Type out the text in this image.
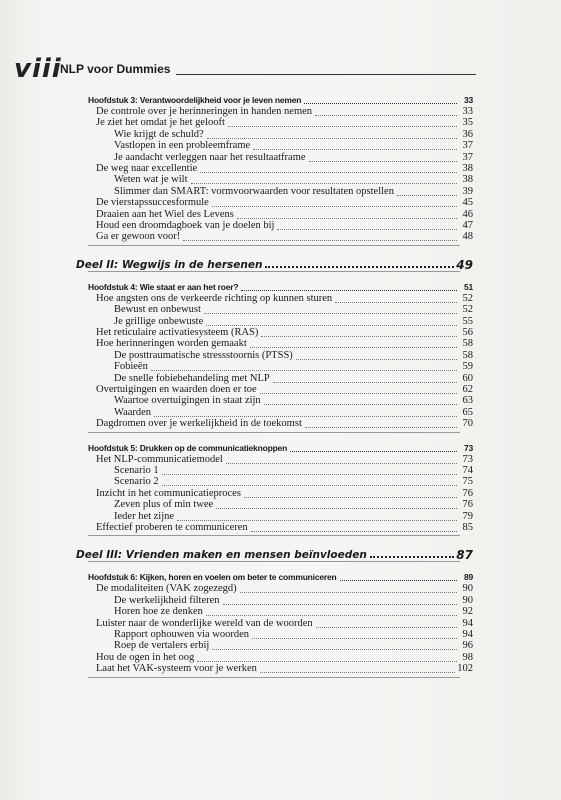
viii
NLP voor Dummies
Hoofdstuk 3: Verantwoordelijkheid voor je leven nemen	33
De controle over je herinneringen in handen nemen	33
Je ziet het omdat je het gelooft	35
Wie krijgt de schuld?	36
Vastlopen in een probleemframe	37
Je aandacht verleggen naar het resultaatframe	37
De weg naar excellentie	38
Weten wat je wilt	38
Slimmer dan SMART: vormvoorwaarden voor resultaten opstellen	39
De vierstapssuccesformule	45
Draaien aan het Wiel des Levens	46
Houd een droomdagboek van je doelen bij	47
Ga er gewoon voor!	48
Deel II: Wegwijs in de hersenen	49
Hoofdstuk 4: Wie staat er aan het roer?	51
Hoe angsten ons de verkeerde richting op kunnen sturen	52
Bewust en onbewust	52
Je grillige onbewuste	55
Het reticulaire activatiesysteem (RAS)	56
Hoe herinneringen worden gemaakt	58
De posttraumatische stressstoornis (PTSS)	58
Fobieën	59
De snelle fobiebehandeling met NLP	60
Overtuigingen en waarden doen er toe	62
Waartoe overtuigingen in staat zijn	63
Waarden	65
Dagdromen over je werkelijkheid in de toekomst	70
Hoofdstuk 5: Drukken op de communicatieknoppen	73
Het NLP-communicatiemodel	73
Scenario 1	74
Scenario 2	75
Inzicht in het communicatieproces	76
Zeven plus of min twee	76
Ieder het zijne	79
Effectief proberen te communiceren	85
Deel III: Vrienden maken en mensen beïnvloeden	87
Hoofdstuk 6: Kijken, horen en voelen om beter te communiceren	89
De modaliteiten (VAK zogezegd)	90
De werkelijkheid filteren	90
Horen hoe ze denken	92
Luister naar de wonderlijke wereld van de woorden	94
Rapport ophouwen via woorden	94
Roep de vertalers erbij	96
Hou de ogen in het oog	98
Laat het VAK-systeem voor je werken	102
